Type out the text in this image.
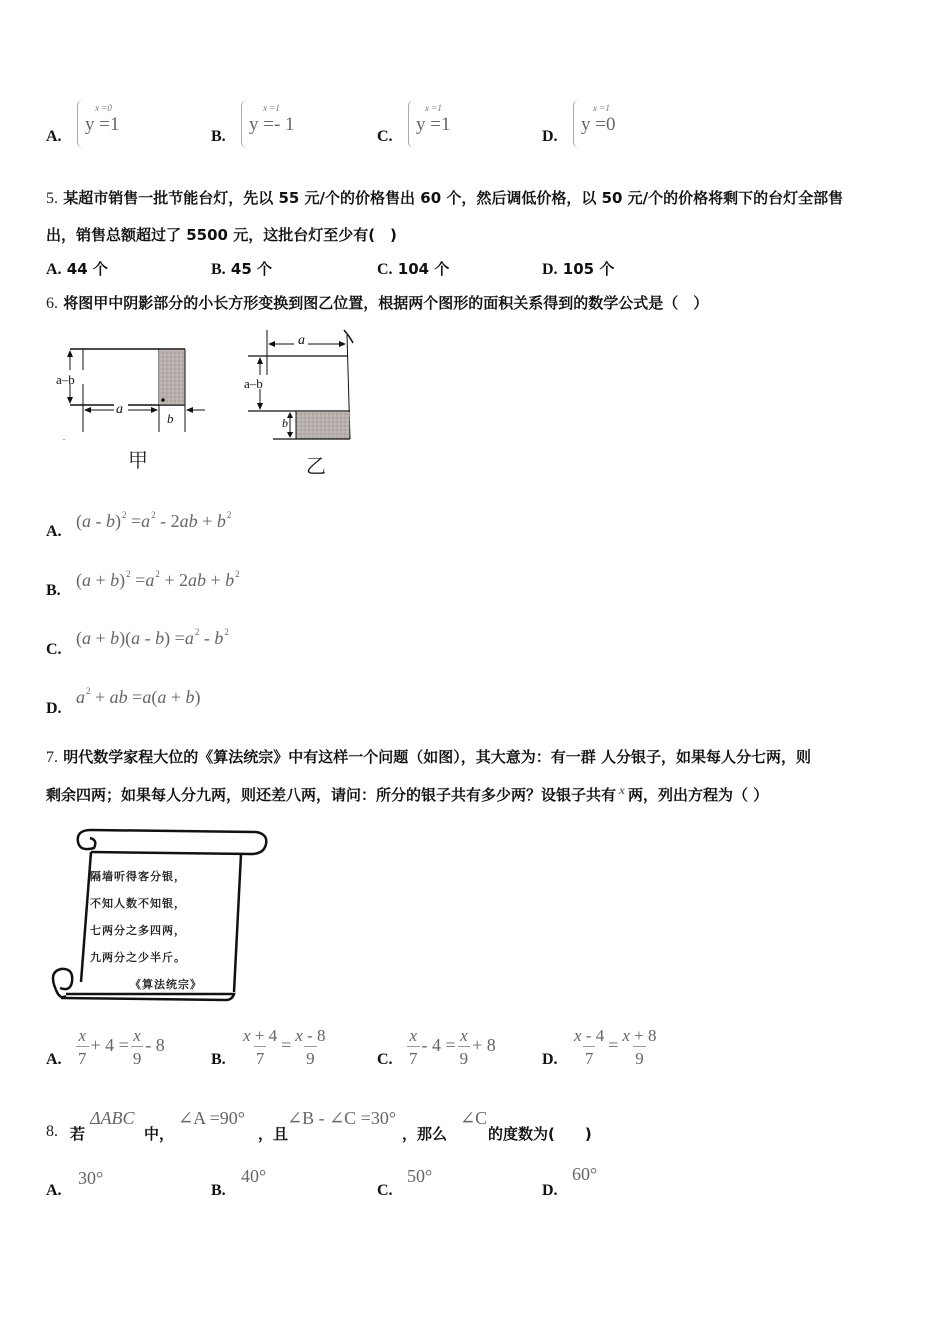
A.
x =0
y =1
B.
x =1
y =- 1
C.
x =1
y =1
D.
x =1
y =0
5. 某超市销售一批节能台灯，先以 55 元/个的价格售出 60 个，然后调低价格，以 50 元/个的价格将剩下的台灯全部售
出，销售总额超过了 5500 元，这批台灯至少有(　)
A. 44 个	B. 45 个	C. 104 个	D. 105 个
6. 将图甲中阴影部分的小长方形变换到图乙位置，根据两个图形的面积关系得到的数学公式是（　）
a–b
a
b
甲
a
a–b
b
乙
A.
$(a - b)^2 =a^2 - 2ab + b^2$
B.
$(a + b)^2 =a^2 + 2ab + b^2$
C.
$(a + b)(a - b) =a^2 - b^2$
D.
$a^2$ + ab =a(a + b)
7. 明代数学家程大位的《算法统宗》中有这样一个问题（如图），其大意为：有一群 人分银子，如果每人分七两，则
剩余四两；如果每人分九两，则还差八两，请问：所分的银子共有多少两？设银子共有 $^x$ 两，列出方程为（ ）
隔墙听得客分银，
不知人数不知银，
七两分之多四两，
九两分之少半斤。
《算法统宗》
A. $\frac{x}{7} + 4 = \frac{x}{9} - 8$
B. $\frac{x + 4}{7} = \frac{x - 8}{9}$	C. $\frac{x}{7} - 4 = \frac{x}{9} + 8$
D. $\frac{x - 4}{7} = \frac{x + 8}{9}$
8. 若
ΔABC
中，
∠A =90°
，且
∠B - ∠C =30°
，那么
∠C
的度数为(　　)
A.
30°
B.
40°
C.
50°
D.
60°
